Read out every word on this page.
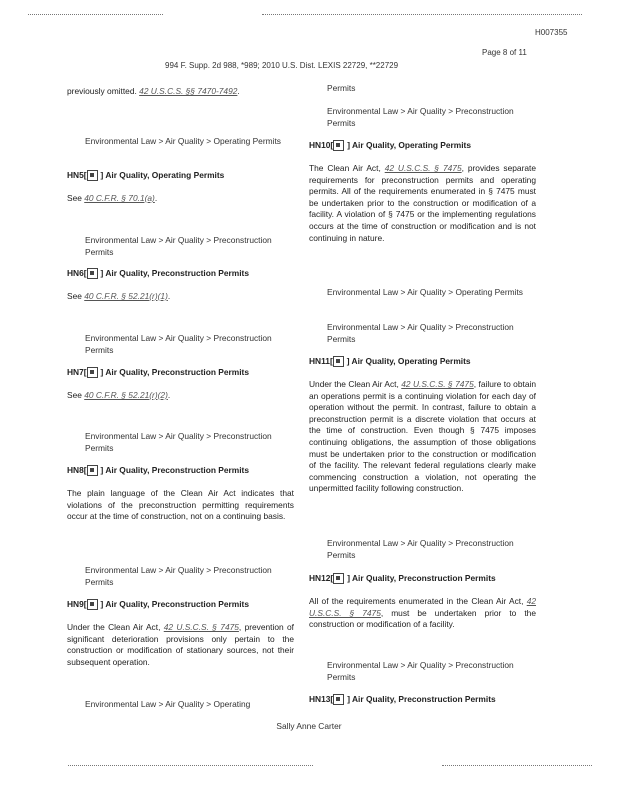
H007355
Page 8 of 11
994 F. Supp. 2d 988, *989; 2010 U.S. Dist. LEXIS 22729, **22729
previously omitted. 42 U.S.C.S. §§ 7470-7492.
Environmental Law > Air Quality > Operating Permits
HN5[ ] Air Quality, Operating Permits
See 40 C.F.R. § 70.1(a).
Environmental Law > Air Quality > Preconstruction Permits
HN6[ ] Air Quality, Preconstruction Permits
See 40 C.F.R. § 52.21(r)(1).
Environmental Law > Air Quality > Preconstruction Permits
HN7[ ] Air Quality, Preconstruction Permits
See 40 C.F.R. § 52.21(r)(2).
Environmental Law > Air Quality > Preconstruction Permits
HN8[ ] Air Quality, Preconstruction Permits
The plain language of the Clean Air Act indicates that violations of the preconstruction permitting requirements occur at the time of construction, not on a continuing basis.
Environmental Law > Air Quality > Preconstruction Permits
HN9[ ] Air Quality, Preconstruction Permits
Under the Clean Air Act, 42 U.S.C.S. § 7475, prevention of significant deterioration provisions only pertain to the construction or modification of stationary sources, not their subsequent operation.
Environmental Law > Air Quality > Operating
Permits
Environmental Law > Air Quality > Preconstruction Permits
HN10[ ] Air Quality, Operating Permits
The Clean Air Act, 42 U.S.C.S. § 7475, provides separate requirements for preconstruction permits and operating permits. All of the requirements enumerated in § 7475 must be undertaken prior to the construction or modification of a facility. A violation of § 7475 or the implementing regulations occurs at the time of construction or modification and is not continuing in nature.
Environmental Law > Air Quality > Operating Permits
Environmental Law > Air Quality > Preconstruction Permits
HN11[ ] Air Quality, Operating Permits
Under the Clean Air Act, 42 U.S.C.S. § 7475, failure to obtain an operations permit is a continuing violation for each day of operation without the permit. In contrast, failure to obtain a preconstruction permit is a discrete violation that occurs at the time of construction. Even though § 7475 imposes continuing obligations, the assumption of those obligations must be undertaken prior to the construction or modification of the facility. The relevant federal regulations clearly make commencing construction a violation, not operating the unpermitted facility following construction.
Environmental Law > Air Quality > Preconstruction Permits
HN12[ ] Air Quality, Preconstruction Permits
All of the requirements enumerated in the Clean Air Act, 42 U.S.C.S. § 7475, must be undertaken prior to the construction or modification of a facility.
Environmental Law > Air Quality > Preconstruction Permits
HN13[ ] Air Quality, Preconstruction Permits
Sally Anne Carter
